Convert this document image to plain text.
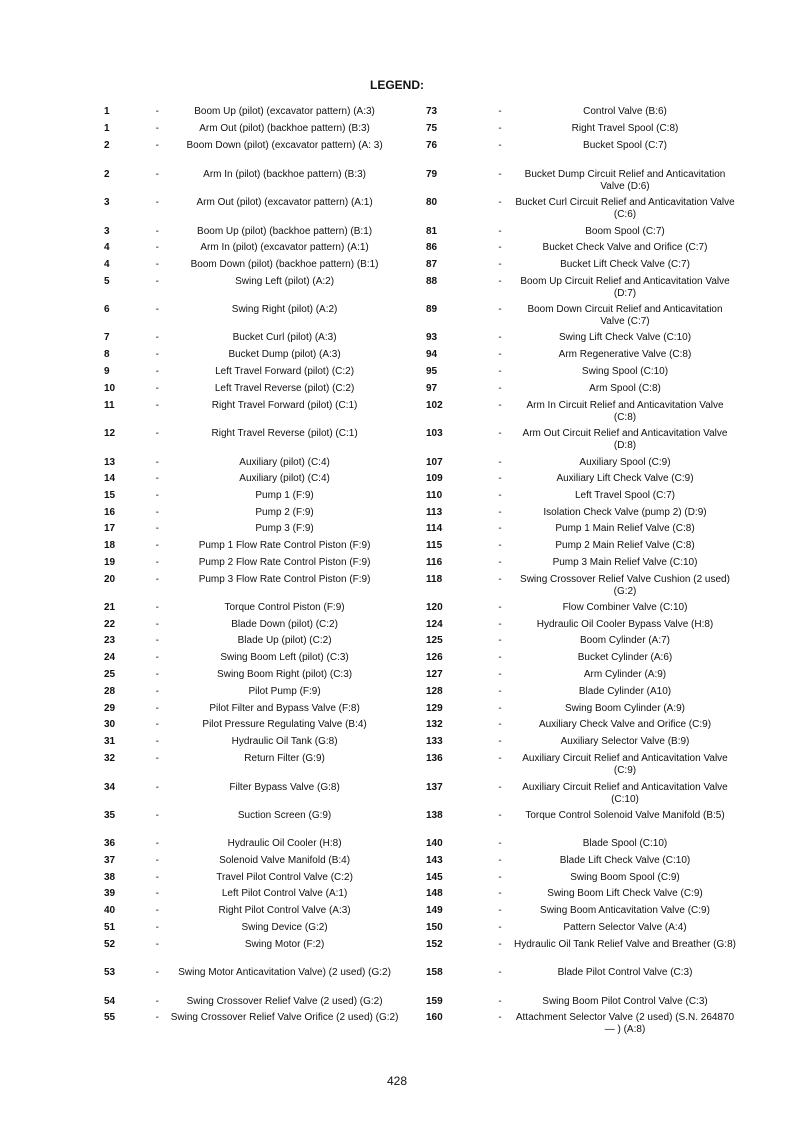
LEGEND:
1	-	Boom Up (pilot) (excavator pattern) (A:3)	73	-	Control Valve (B:6)
1	-	Arm Out (pilot) (backhoe pattern) (B:3)	75	-	Right Travel Spool (C:8)
2	-	Boom Down (pilot) (excavator pattern) (A: 3)	76	-	Bucket Spool (C:7)
2	-	Arm In (pilot) (backhoe pattern) (B:3)	79	-	Bucket Dump Circuit Relief and Anticavitation Valve (D:6)
3	-	Arm Out (pilot) (excavator pattern) (A:1)	80	-	Bucket Curl Circuit Relief and Anticavitation Valve (C:6)
3	-	Boom Up (pilot) (backhoe pattern) (B:1)	81	-	Boom Spool (C:7)
4	-	Arm In (pilot) (excavator pattern) (A:1)	86	-	Bucket Check Valve and Orifice (C:7)
4	-	Boom Down (pilot) (backhoe pattern) (B:1)	87	-	Bucket Lift Check Valve (C:7)
5	-	Swing Left (pilot) (A:2)	88	-	Boom Up Circuit Relief and Anticavitation Valve (D:7)
6	-	Swing Right (pilot) (A:2)	89	-	Boom Down Circuit Relief and Anticavitation Valve (C:7)
7	-	Bucket Curl (pilot) (A:3)	93	-	Swing Lift Check Valve (C:10)
8	-	Bucket Dump (pilot) (A:3)	94	-	Arm Regenerative Valve (C:8)
9	-	Left Travel Forward (pilot) (C:2)	95	-	Swing Spool (C:10)
10	-	Left Travel Reverse (pilot) (C:2)	97	-	Arm Spool (C:8)
11	-	Right Travel Forward (pilot) (C:1)	102	-	Arm In Circuit Relief and Anticavitation Valve (C:8)
12	-	Right Travel Reverse (pilot) (C:1)	103	-	Arm Out Circuit Relief and Anticavitation Valve (D:8)
13	-	Auxiliary (pilot) (C:4)	107	-	Auxiliary Spool (C:9)
14	-	Auxiliary (pilot) (C:4)	109	-	Auxiliary Lift Check Valve (C:9)
15	-	Pump 1 (F:9)	110	-	Left Travel Spool (C:7)
16	-	Pump 2 (F:9)	113	-	Isolation Check Valve (pump 2) (D:9)
17	-	Pump 3 (F:9)	114	-	Pump 1 Main Relief Valve (C:8)
18	-	Pump 1 Flow Rate Control Piston (F:9)	115	-	Pump 2 Main Relief Valve (C:8)
19	-	Pump 2 Flow Rate Control Piston (F:9)	116	-	Pump 3 Main Relief Valve (C:10)
20	-	Pump 3 Flow Rate Control Piston (F:9)	118	-	Swing Crossover Relief Valve Cushion (2 used) (G:2)
21	-	Torque Control Piston (F:9)	120	-	Flow Combiner Valve (C:10)
22	-	Blade Down (pilot) (C:2)	124	-	Hydraulic Oil Cooler Bypass Valve (H:8)
23	-	Blade Up (pilot) (C:2)	125	-	Boom Cylinder (A:7)
24	-	Swing Boom Left (pilot) (C:3)	126	-	Bucket Cylinder (A:6)
25	-	Swing Boom Right (pilot) (C:3)	127	-	Arm Cylinder (A:9)
28	-	Pilot Pump (F:9)	128	-	Blade Cylinder (A10)
29	-	Pilot Filter and Bypass Valve (F:8)	129	-	Swing Boom Cylinder (A:9)
30	-	Pilot Pressure Regulating Valve (B:4)	132	-	Auxiliary Check Valve and Orifice (C:9)
31	-	Hydraulic Oil Tank (G:8)	133	-	Auxiliary Selector Valve (B:9)
32	-	Return Filter (G:9)	136	-	Auxiliary Circuit Relief and Anticavitation Valve (C:9)
34	-	Filter Bypass Valve (G:8)	137	-	Auxiliary Circuit Relief and Anticavitation Valve (C:10)
35	-	Suction Screen (G:9)	138	-	Torque Control Solenoid Valve Manifold (B:5)
36	-	Hydraulic Oil Cooler (H:8)	140	-	Blade Spool (C:10)
37	-	Solenoid Valve Manifold (B:4)	143	-	Blade Lift Check Valve (C:10)
38	-	Travel Pilot Control Valve (C:2)	145	-	Swing Boom Spool (C:9)
39	-	Left Pilot Control Valve (A:1)	148	-	Swing Boom Lift Check Valve (C:9)
40	-	Right Pilot Control Valve (A:3)	149	-	Swing Boom Anticavitation Valve (C:9)
51	-	Swing Device (G:2)	150	-	Pattern Selector Valve (A:4)
52	-	Swing Motor (F:2)	152	-	Hydraulic Oil Tank Relief Valve and Breather (G:8)
53	-	Swing Motor Anticavitation Valve) (2 used) (G:2)	158	-	Blade Pilot Control Valve (C:3)
54	-	Swing Crossover Relief Valve (2 used) (G:2)	159	-	Swing Boom Pilot Control Valve (C:3)
55	-	Swing Crossover Relief Valve Orifice (2 used) (G:2)	160	-	Attachment Selector Valve (2 used) (S.N. 264870— ) (A:8)
428
